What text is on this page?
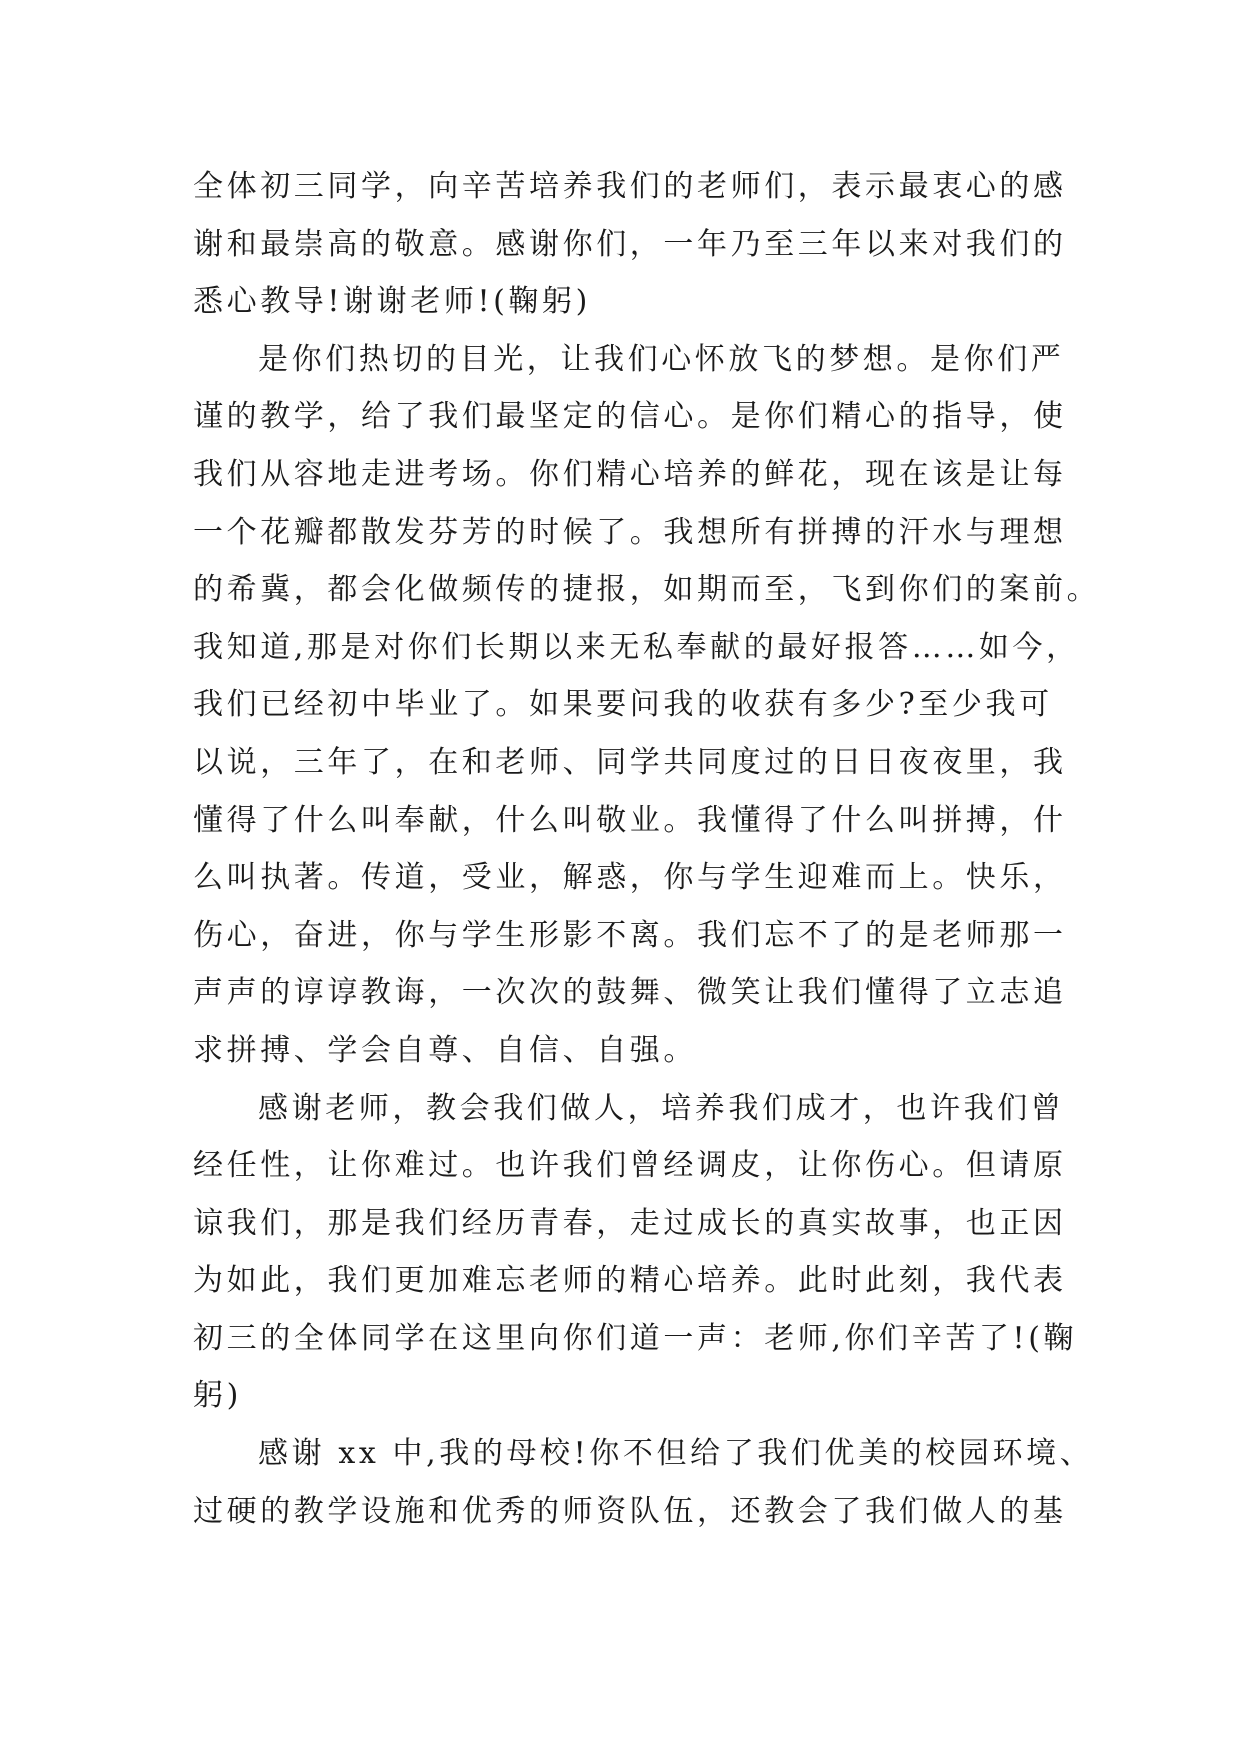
全体初三同学，向辛苦培养我们的老师们，表示最衷心的感
谢和最崇高的敬意。感谢你们，一年乃至三年以来对我们的
悉心教导!谢谢老师!(鞠躬)
是你们热切的目光，让我们心怀放飞的梦想。是你们严
谨的教学，给了我们最坚定的信心。是你们精心的指导，使
我们从容地走进考场。你们精心培养的鲜花，现在该是让每
一个花瓣都散发芬芳的时候了。我想所有拼搏的汗水与理想
的希冀，都会化做频传的捷报，如期而至，飞到你们的案前。
我知道,那是对你们长期以来无私奉献的最好报答……如今，
我们已经初中毕业了。如果要问我的收获有多少?至少我可
以说，三年了，在和老师、同学共同度过的日日夜夜里，我
懂得了什么叫奉献，什么叫敬业。我懂得了什么叫拼搏，什
么叫执著。传道，受业，解惑，你与学生迎难而上。快乐，
伤心，奋进，你与学生形影不离。我们忘不了的是老师那一
声声的谆谆教诲，一次次的鼓舞、微笑让我们懂得了立志追
求拼搏、学会自尊、自信、自强。
感谢老师，教会我们做人，培养我们成才，也许我们曾
经任性，让你难过。也许我们曾经调皮，让你伤心。但请原
谅我们，那是我们经历青春，走过成长的真实故事，也正因
为如此，我们更加难忘老师的精心培养。此时此刻，我代表
初三的全体同学在这里向你们道一声：老师,你们辛苦了!(鞠
躬)
感谢 xx 中,我的母校!你不但给了我们优美的校园环境、
过硬的教学设施和优秀的师资队伍，还教会了我们做人的基
